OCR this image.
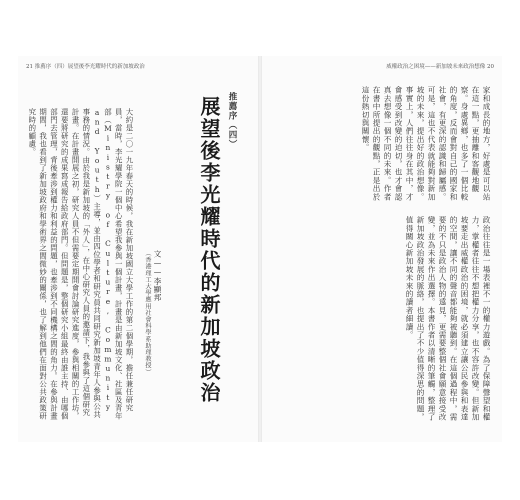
21 推薦序（四）展望後李光耀時代的新加坡政治	威權政治之困境——新加坡未來政治想像 20
家和成長的地方，好處是可以站在這一點，更抽離和客觀地觀察。身處異鄉，也多了一個比較的角度，反而會對自己的國家和社會，有更深的認識和歸屬感。可是，這也不代表就能夠對新加坡的未來，提出好的政治想像。事實上，人們往往身在其中，才會感受到改變的迫切，也才會認真去想像一個不同的未來。作者在書中所提出的觀點，正是出於這份熱切與關懷。
政治往往是一場表裡不一的權力遊戲。為了保障聲望和權力，掌權者往往不想把權力分享，也不容許改變。但新加坡要走出威權政治的困境，就必須建立讓公民參與和表達的空間，讓不同的聲音都能夠被聽到。在這個過程中，需要的不只是政治人物的遠見，更需要整個社會願意接受改變，並為未來作出選擇。本書作者以清晰的筆觸，整理了新加坡政治發展的脈絡，也提出了不少值得深思的問題，值得關心新加坡未來的讀者細讀。
推薦序（四）
展望後李光耀時代的新加坡政治
文——李顯邦
（香港理工大學應用社會科學系助理教授）
大約是二〇一九年春天的時候，我在新加坡國立大學工作的第二個學期，擔任兼任研究員，當時，李光耀學院一個中心希望我參與一個計畫，計畫是由新加坡文化、社區及青年部（Ministry of Culture, Community and Youth）主導，並由四位學者和研究員共同研究新加坡青年人參與公共事務的情況。由於我是新加坡的「外人」，在中心研究人員的邀請下，我參與了這個研究計畫。在計畫開展之初，研究人員不但需要定期開會討論研究進度，參與相關的工作坊，還要將研究的成果寫成報告給政府部門。但問題是，整個研究小組最終由誰主持、由哪個部門去管理，背後牽涉到權力和利益的問題，也牽涉到不同機構之間的角力。在參與計畫期間，我也看到了新加坡政府和學術界之間微妙的關係，也了解到他們在面對公共政策研究時的顧慮。
